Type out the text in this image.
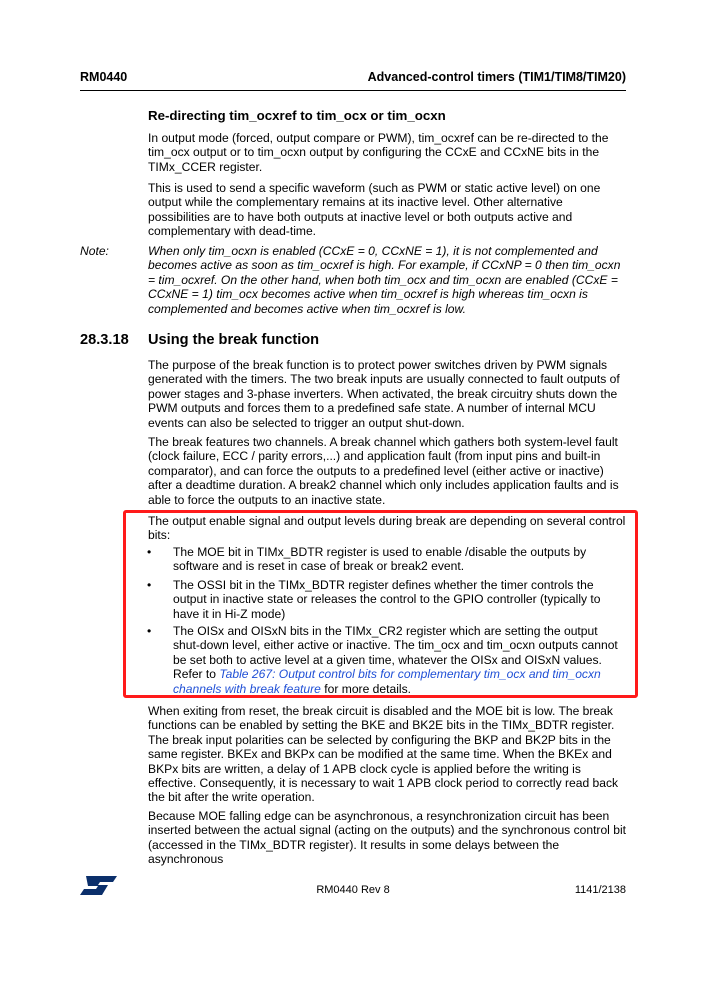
RM0440	Advanced-control timers (TIM1/TIM8/TIM20)
Re-directing tim_ocxref to tim_ocx or tim_ocxn

In output mode (forced, output compare or PWM), tim_ocxref can be re-directed to the tim_ocx output or to tim_ocxn output by configuring the CCxE and CCxNE bits in the TIMx_CCER register.

This is used to send a specific waveform (such as PWM or static active level) on one output while the complementary remains at its inactive level. Other alternative possibilities are to have both outputs at inactive level or both outputs active and complementary with dead-time.

Note:	When only tim_ocxn is enabled (CCxE = 0, CCxNE = 1), it is not complemented and becomes active as soon as tim_ocxref is high. For example, if CCxNP = 0 then tim_ocxn = tim_ocxref. On the other hand, when both tim_ocx and tim_ocxn are enabled (CCxE = CCxNE = 1) tim_ocx becomes active when tim_ocxref is high whereas tim_ocxn is complemented and becomes active when tim_ocxref is low.

28.3.18 Using the break function

The purpose of the break function is to protect power switches driven by PWM signals generated with the timers. The two break inputs are usually connected to fault outputs of power stages and 3-phase inverters. When activated, the break circuitry shuts down the PWM outputs and forces them to a predefined safe state. A number of internal MCU events can also be selected to trigger an output shut-down.

The break features two channels. A break channel which gathers both system-level fault (clock failure, ECC / parity errors,...) and application fault (from input pins and built-in comparator), and can force the outputs to a predefined level (either active or inactive) after a deadtime duration. A break2 channel which only includes application faults and is able to force the outputs to an inactive state.

The output enable signal and output levels during break are depending on several control bits:

• The MOE bit in TIMx_BDTR register is used to enable /disable the outputs by software and is reset in case of break or break2 event.
• The OSSI bit in the TIMx_BDTR register defines whether the timer controls the output in inactive state or releases the control to the GPIO controller (typically to have it in Hi-Z mode)
• The OISx and OISxN bits in the TIMx_CR2 register which are setting the output shut-down level, either active or inactive. The tim_ocx and tim_ocxn outputs cannot be set both to active level at a given time, whatever the OISx and OISxN values. Refer to Table 267: Output control bits for complementary tim_ocx and tim_ocxn channels with break feature for more details.

When exiting from reset, the break circuit is disabled and the MOE bit is low. The break functions can be enabled by setting the BKE and BK2E bits in the TIMx_BDTR register. The break input polarities can be selected by configuring the BKP and BK2P bits in the same register. BKEx and BKPx can be modified at the same time. When the BKEx and BKPx bits are written, a delay of 1 APB clock cycle is applied before the writing is effective. Consequently, it is necessary to wait 1 APB clock period to correctly read back the bit after the write operation.

Because MOE falling edge can be asynchronous, a resynchronization circuit has been inserted between the actual signal (acting on the outputs) and the synchronous control bit (accessed in the TIMx_BDTR register). It results in some delays between the asynchronous

RM0440 Rev 8	1141/2138
